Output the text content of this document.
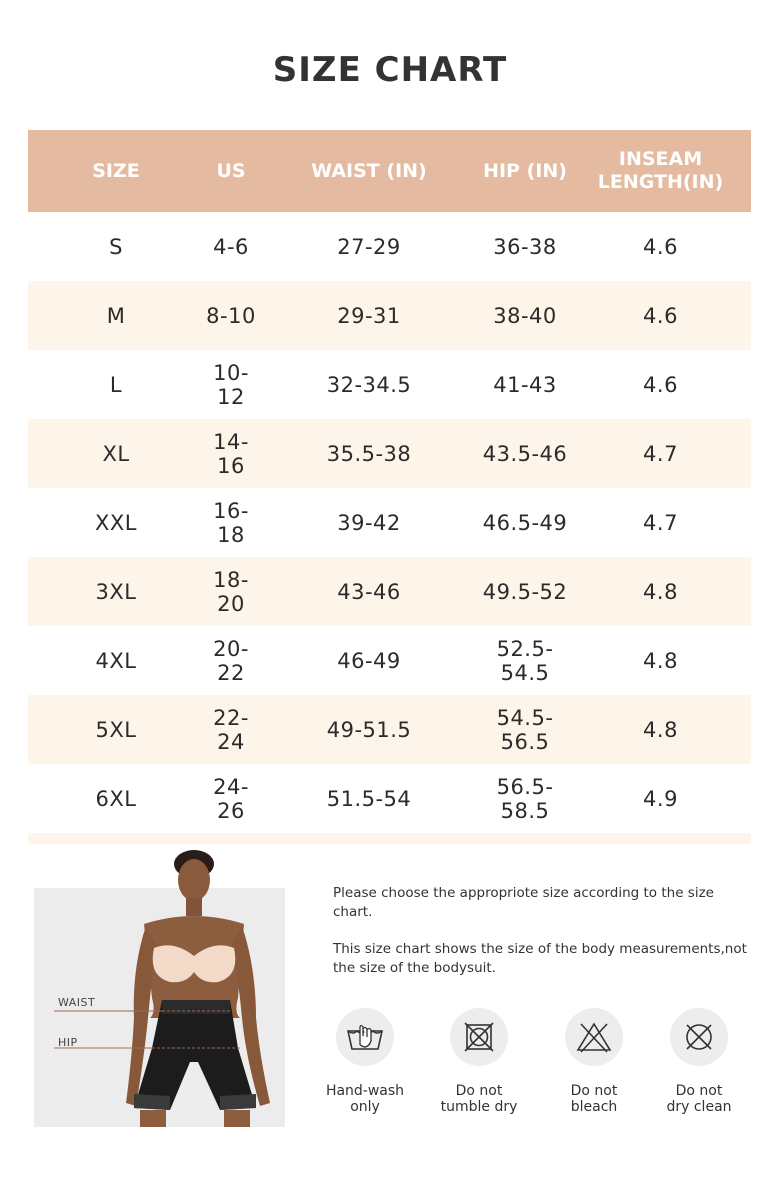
SIZE CHART
SIZE	US	WAIST (IN)	HIP (IN)
INSEAM
LENGTH(IN)
S	4-6	27-29	36-38	4.6
M	8-10	29-31	38-40	4.6
L	10-12	32-34.5	41-43	4.6
XL	14-16	35.5-38	43.5-46	4.7
XXL	16-18	39-42	46.5-49	4.7
3XL	18-20	43-46	49.5-52	4.8
4XL	20-22	46-49	52.5-54.5	4.8
5XL	22-24	49-51.5	54.5-56.5	4.8
6XL	24-26	51.5-54	56.5-58.5	4.9
WAIST
HIP

Please choose the appropriote size according to the size chart.

This size chart shows the size of the body measurements,not the size of the bodysuit.

Hand-wash
only
Do not
tumble dry
Do not
bleach
Do not
dry clean
